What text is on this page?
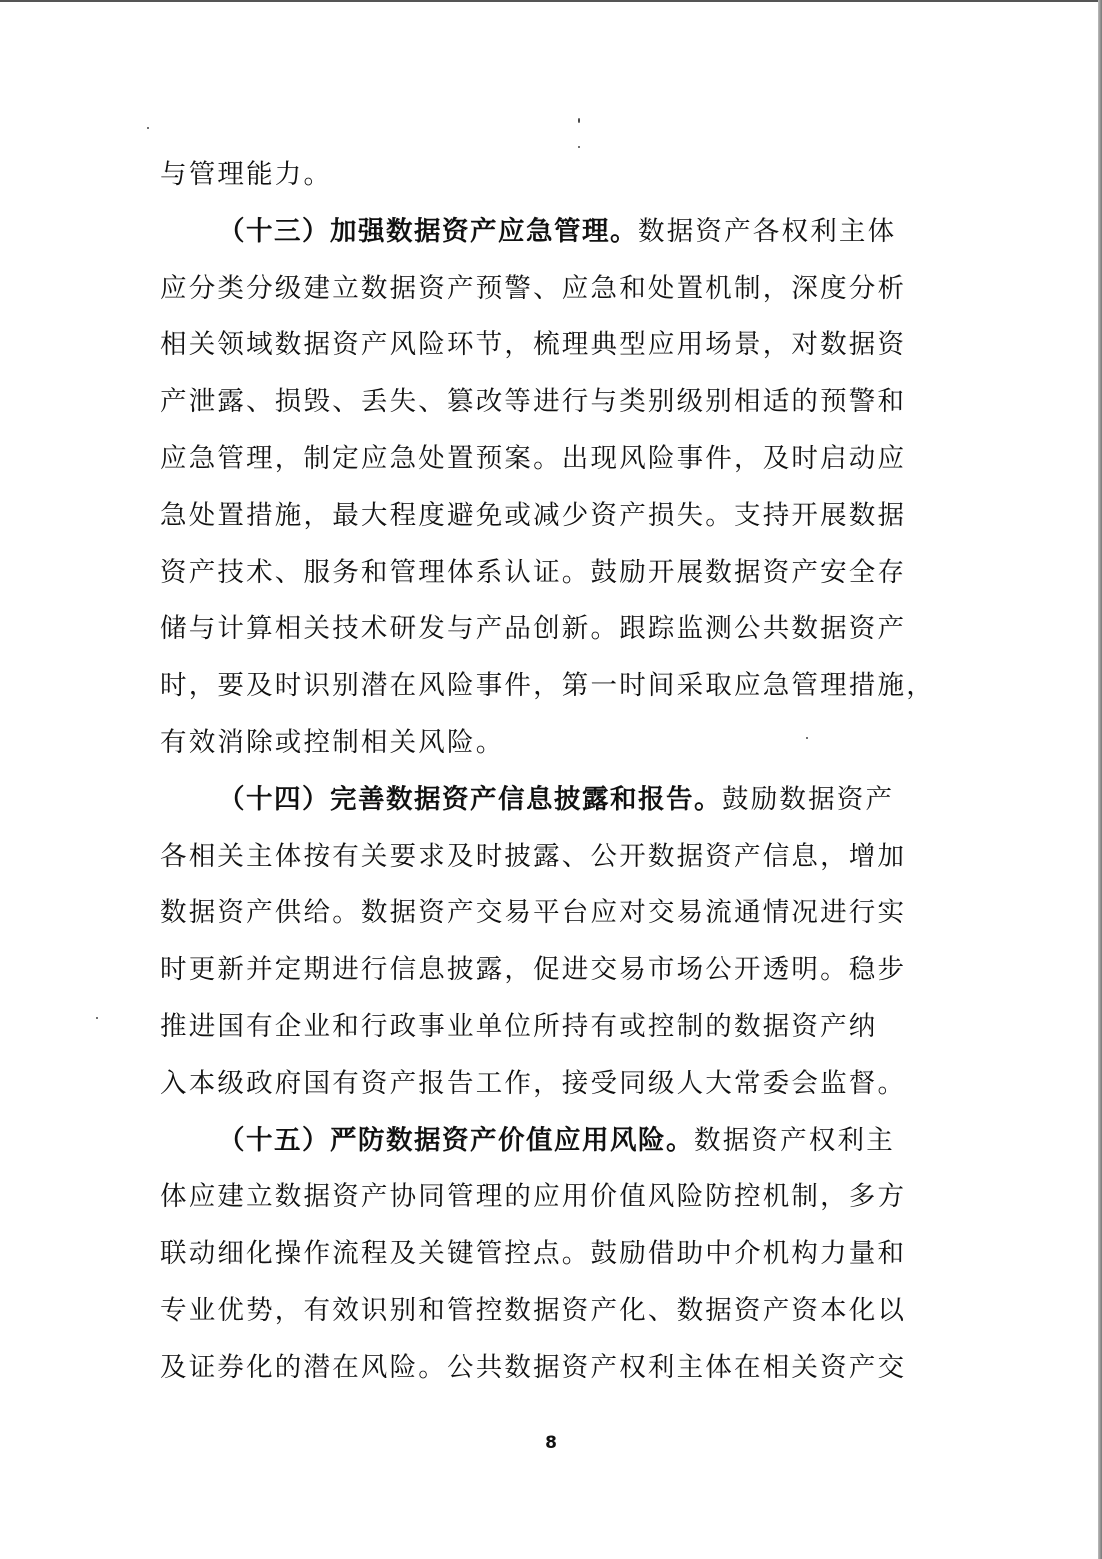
与管理能力。
（十三）加强数据资产应急管理。数据资产各权利主体
应分类分级建立数据资产预警、应急和处置机制，深度分析
相关领域数据资产风险环节，梳理典型应用场景，对数据资
产泄露、损毁、丢失、篡改等进行与类别级别相适的预警和
应急管理，制定应急处置预案。出现风险事件，及时启动应
急处置措施，最大程度避免或减少资产损失。支持开展数据
资产技术、服务和管理体系认证。鼓励开展数据资产安全存
储与计算相关技术研发与产品创新。跟踪监测公共数据资产
时，要及时识别潜在风险事件，第一时间采取应急管理措施，
有效消除或控制相关风险。
（十四）完善数据资产信息披露和报告。鼓励数据资产
各相关主体按有关要求及时披露、公开数据资产信息，增加
数据资产供给。数据资产交易平台应对交易流通情况进行实
时更新并定期进行信息披露，促进交易市场公开透明。稳步
推进国有企业和行政事业单位所持有或控制的数据资产纳
入本级政府国有资产报告工作，接受同级人大常委会监督。
（十五）严防数据资产价值应用风险。数据资产权利主
体应建立数据资产协同管理的应用价值风险防控机制，多方
联动细化操作流程及关键管控点。鼓励借助中介机构力量和
专业优势，有效识别和管控数据资产化、数据资产资本化以
及证券化的潜在风险。公共数据资产权利主体在相关资产交
8
